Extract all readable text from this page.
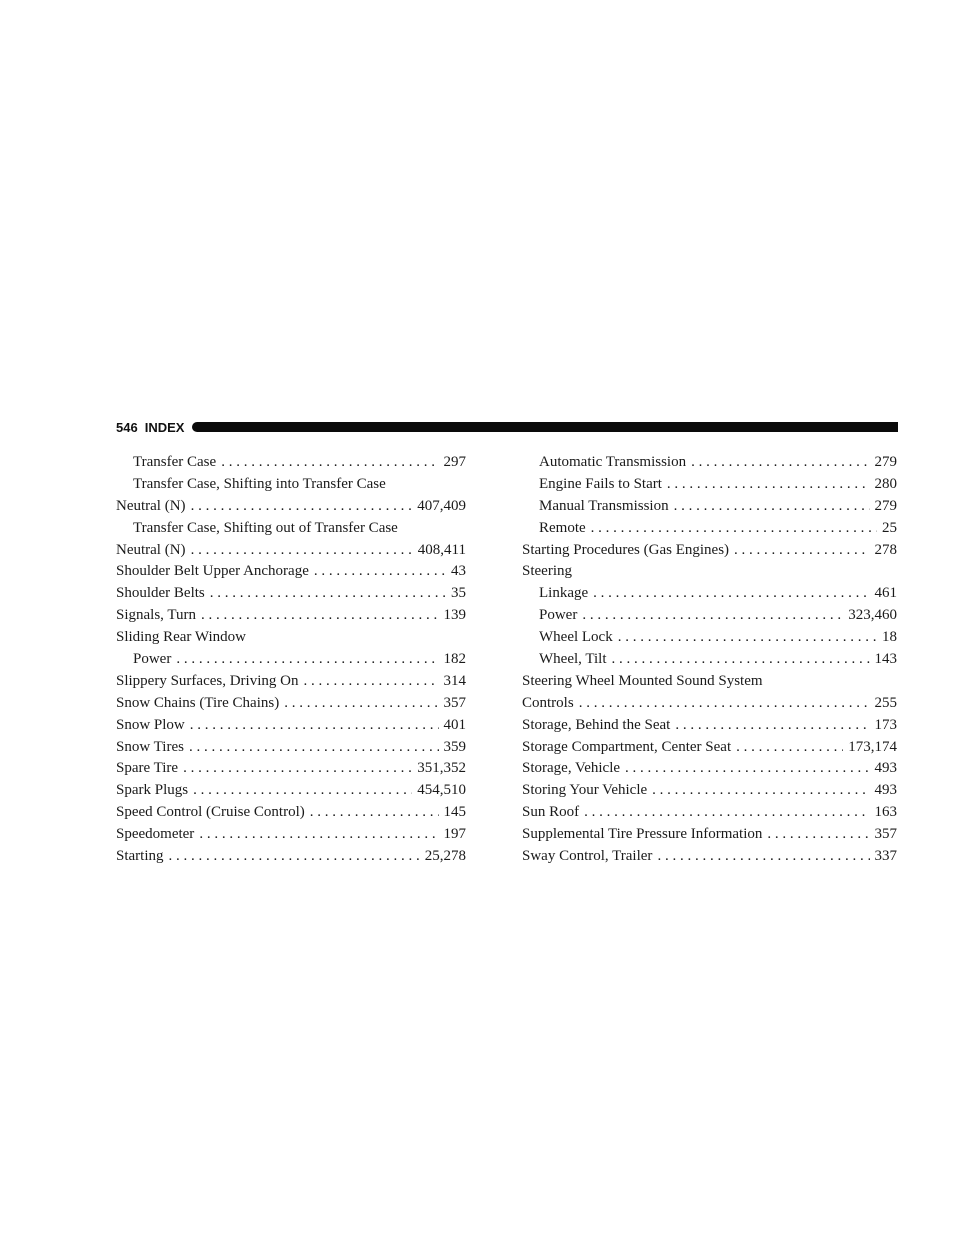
546 INDEX
Transfer Case . . .	297
Transfer Case, Shifting into Transfer Case
Neutral (N) . . .	407,409
Transfer Case, Shifting out of Transfer Case
Neutral (N) . . .	408,411
Shoulder Belt Upper Anchorage . . .	43
Shoulder Belts . . .	35
Signals, Turn . . .	139
Sliding Rear Window
Power . . .	182
Slippery Surfaces, Driving On . . .	314
Snow Chains (Tire Chains) . . .	357
Snow Plow . . .	401
Snow Tires . . .	359
Spare Tire . . .	351,352
Spark Plugs . . .	454,510
Speed Control (Cruise Control) . . .	145
Speedometer . . .	197
Starting . . .	25,278
Automatic Transmission . . .	279
Engine Fails to Start . . .	280
Manual Transmission . . .	279
Remote . . .	25
Starting Procedures (Gas Engines) . . .	278
Steering
Linkage . . .	461
Power . . .	323,460
Wheel Lock . . .	18
Wheel, Tilt . . .	143
Steering Wheel Mounted Sound System
Controls . . .	255
Storage, Behind the Seat . . .	173
Storage Compartment, Center Seat . . .	173,174
Storage, Vehicle . . .	493
Storing Your Vehicle . . .	493
Sun Roof . . .	163
Supplemental Tire Pressure Information . . .	357
Sway Control, Trailer . . .	337
